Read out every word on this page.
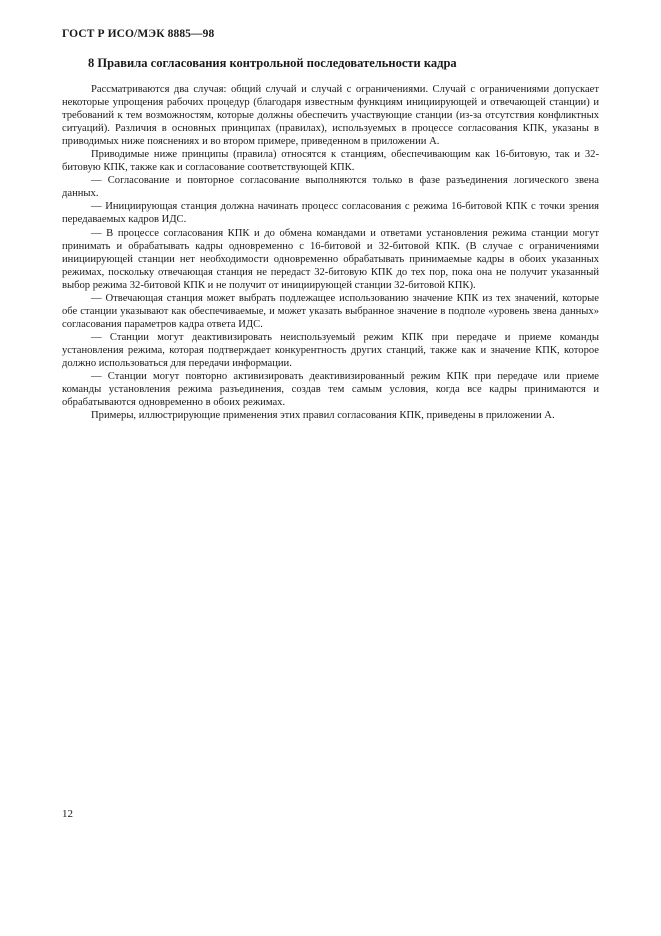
ГОСТ Р ИСО/МЭК 8885—98
8 Правила согласования контрольной последовательности кадра

Рассматриваются два случая: общий случай и случай с ограничениями. Случай с ограничениями допускает некоторые упрощения рабочих процедур (благодаря известным функциям инициирующей и отвечающей станции) и требований к тем возможностям, которые должны обеспечить участвующие станции (из-за отсутствия конфликтных ситуаций). Различия в основных принципах (правилах), используемых в процессе согласования КПК, указаны в приводимых ниже пояснениях и во втором примере, приведенном в приложении А.

Приводимые ниже принципы (правила) относятся к станциям, обеспечивающим как 16-битовую, так и 32-битовую КПК, также как и согласование соответствующей КПК.

— Согласование и повторное согласование выполняются только в фазе разъединения логического звена данных.

— Инициирующая станция должна начинать процесс согласования с режима 16-битовой КПК с точки зрения передаваемых кадров ИДС.

— В процессе согласования КПК и до обмена командами и ответами установления режима станции могут принимать и обрабатывать кадры одновременно с 16-битовой и 32-битовой КПК. (В случае с ограничениями инициирующей станции нет необходимости одновременно обрабатывать принимаемые кадры в обоих указанных режимах, поскольку отвечающая станция не передаст 32-битовую КПК до тех пор, пока она не получит указанный выбор режима 32-битовой КПК и не получит от инициирующей станции 32-битовой КПК).

— Отвечающая станция может выбрать подлежащее использованию значение КПК из тех значений, которые обе станции указывают как обеспечиваемые, и может указать выбранное значение в подполе «уровень звена данных» согласования параметров кадра ответа ИДС.

— Станции могут деактивизировать неиспользуемый режим КПК при передаче и приеме команды установления режима, которая подтверждает конкурентность других станций, также как и значение КПК, которое должно использоваться для передачи информации.

— Станции могут повторно активизировать деактивизированный режим КПК при передаче или приеме команды установления режима разъединения, создав тем самым условия, когда все кадры принимаются и обрабатываются одновременно в обоих режимах.

Примеры, иллюстрирующие применения этих правил согласования КПК, приведены в приложении А.

12
